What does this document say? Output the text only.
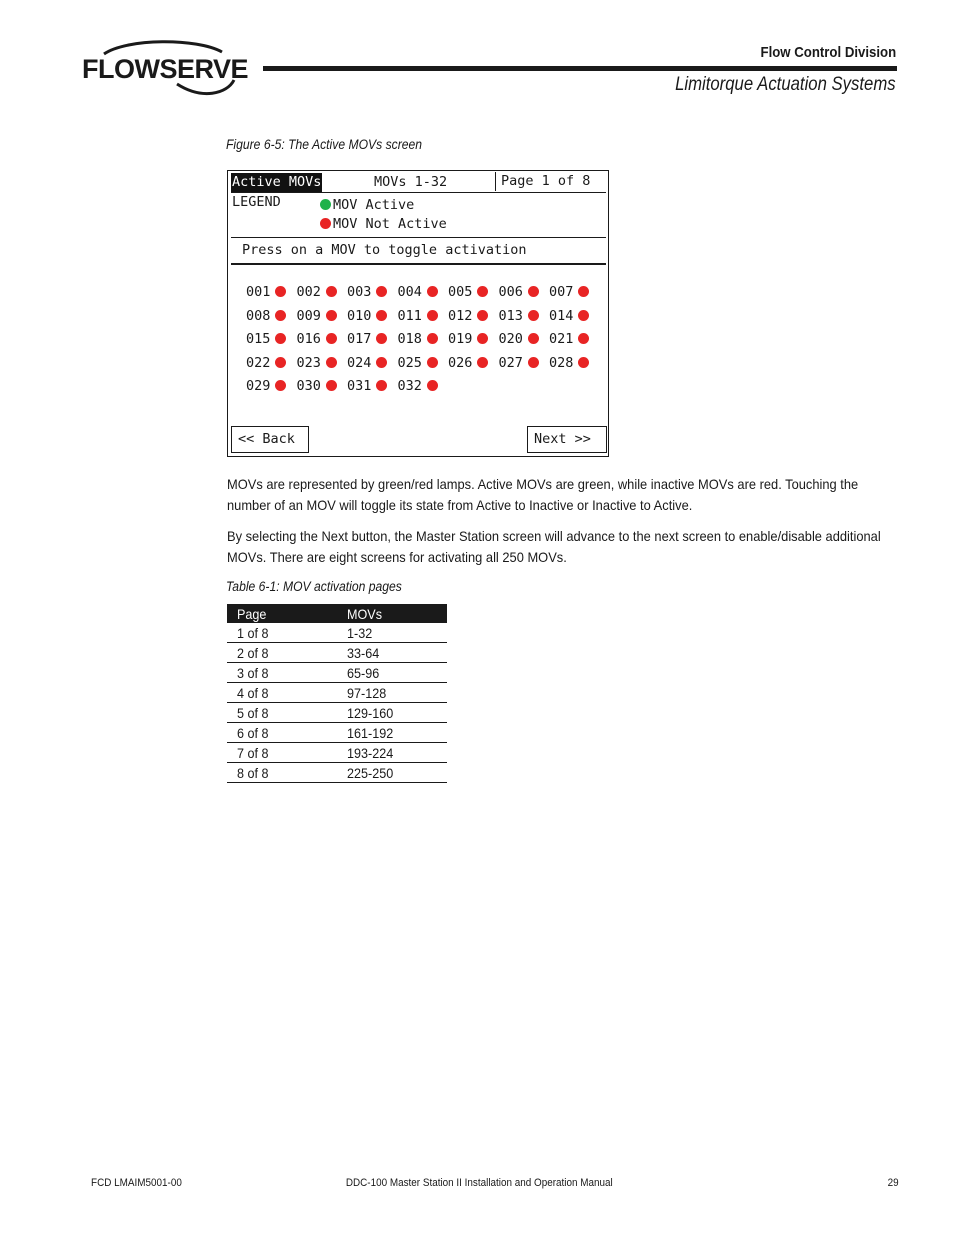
FLOWSERVE
Flow Control Division
Limitorque Actuation Systems
Figure 6-5: The Active MOVs screen
Active MOVs	MOVs 1-32	Page 1 of 8
LEGEND	MOV Active
MOV Not Active
Press on a MOV to toggle activation
001	002	003	004	005	006	007
008	009	010	011	012	013	014
015	016	017	018	019	020	021
022	023	024	025	026	027	028
029	030	031	032
<< Back	Next >>
MOVs are represented by green/red lamps. Active MOVs are green, while inactive MOVs are red. Touching the number of an MOV will toggle its state from Active to Inactive or Inactive to Active.
By selecting the Next button, the Master Station screen will advance to the next screen to enable/disable additional MOVs. There are eight screens for activating all 250 MOVs.
Table 6-1: MOV activation pages
Page	MOVs
1 of 8	1-32
2 of 8	33-64
3 of 8	65-96
4 of 8	97-128
5 of 8	129-160
6 of 8	161-192
7 of 8	193-224
8 of 8	225-250
FCD LMAIM5001-00	DDC-100 Master Station II Installation and Operation Manual	29
